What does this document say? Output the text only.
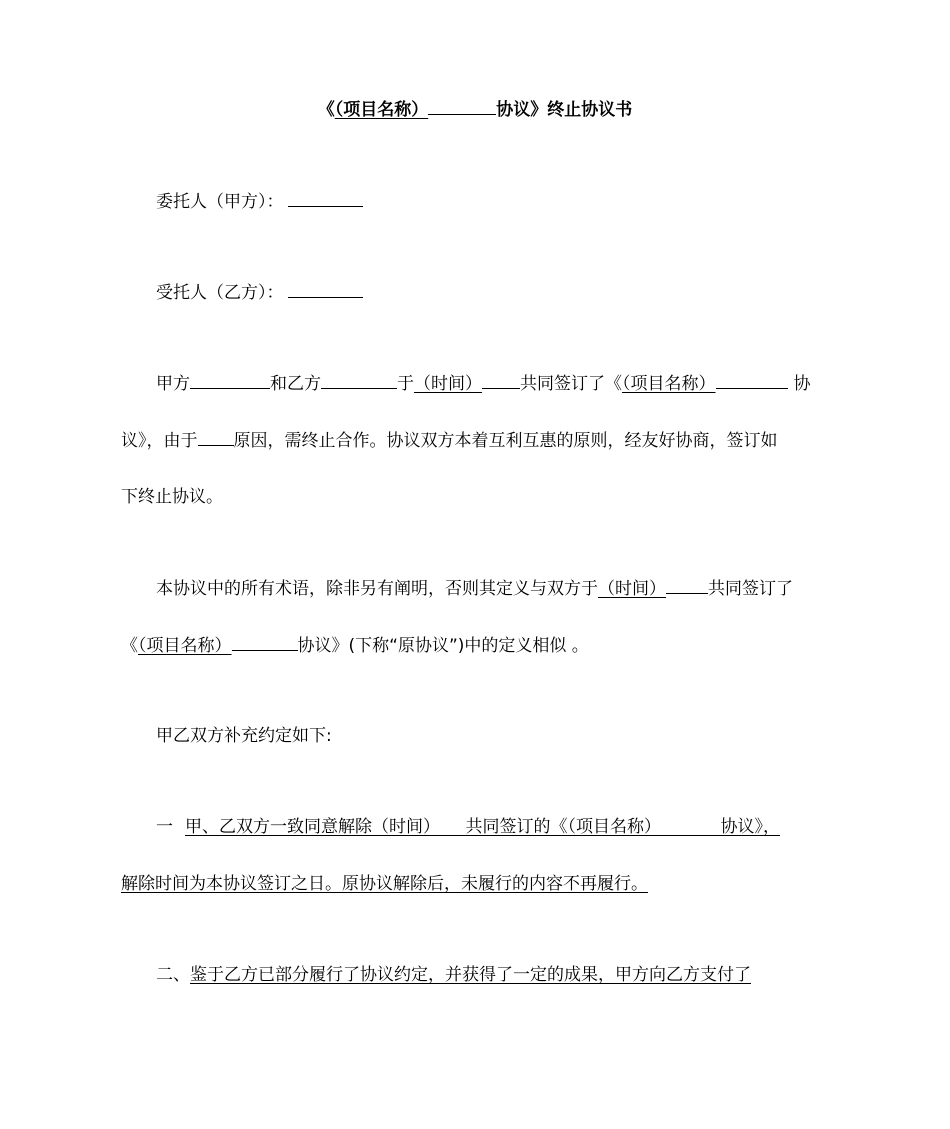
《（项目名称）	协议》终止协议书
委托人（甲方）：
受托人（乙方）：
甲方	和乙方	于（时间） 共同签订了《（项目名称）	协
议》，由于 原因，需终止合作。协议双方本着互利互惠的原则，经友好协商，签订如
下终止协议。
本协议中的所有术语，除非另有阐明，否则其定义与双方于（时间） 共同签订了
《（项目名称）	协议》(下称“原协议”)中的定义相似 。
甲乙双方补充约定如下:
一 甲、乙双方一致同意解除（时间）　　共同签订的《（项目名称）　　　　协议》，
解除时间为本协议签订之日。原协议解除后，未履行的内容不再履行。
二、鉴于乙方已部分履行了协议约定，并获得了一定的成果，甲方向乙方支付了
